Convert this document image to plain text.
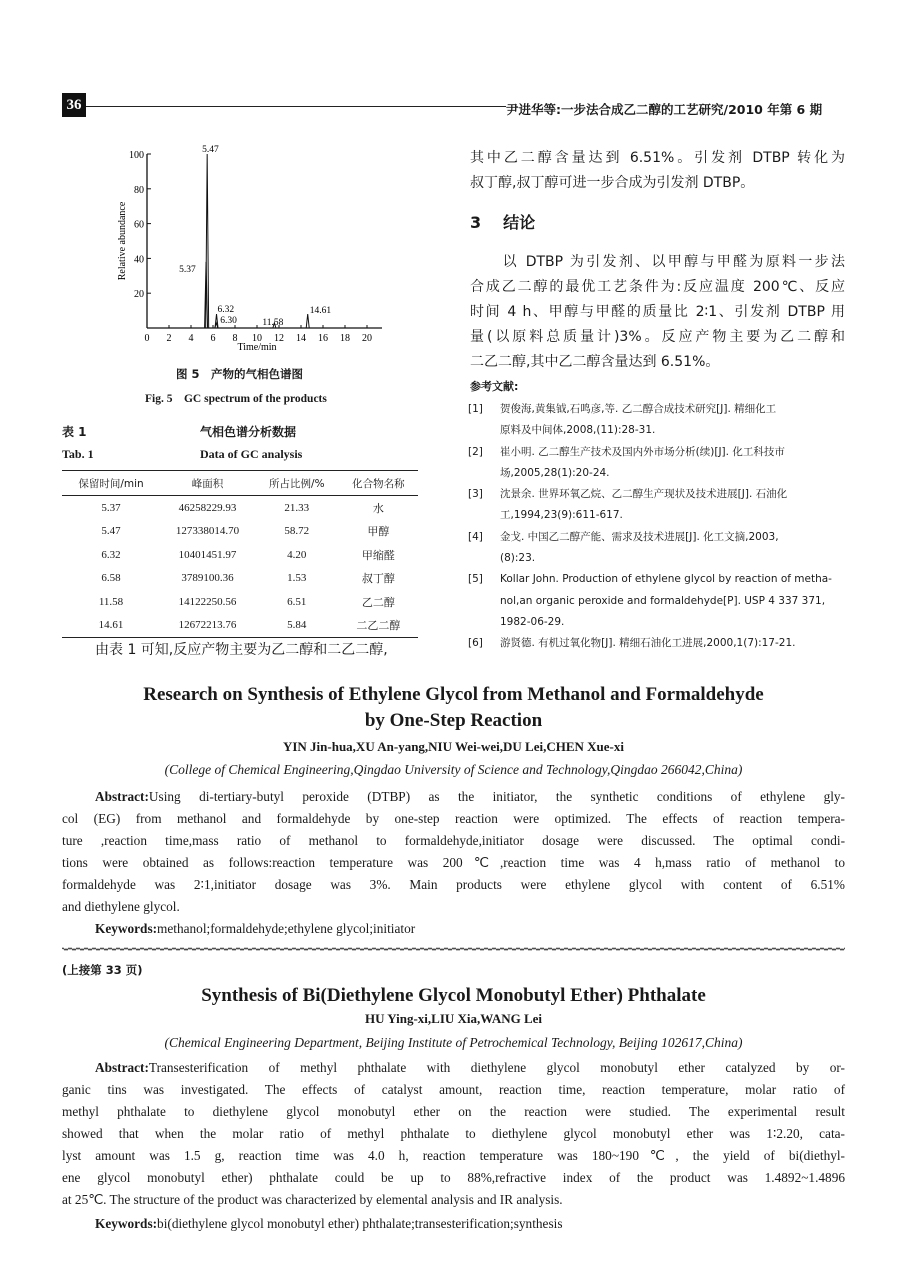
36	尹进华等:一步法合成乙二醇的工艺研究/2010 年第 6 期
0 2 4 6 8 10 12 14 16 18 20
20
40
60
80
100
Time/min
Relative abundance	5.37
5.47
6.32
6.30	11.58
14.61
图 5　产物的气相色谱图
Fig. 5　GC spectrum of the products
表 1	气相色谱分析数据
Tab. 1	Data of GC analysis
保留时间/min	峰面积	所占比例/%	化合物名称
5.37	46258229.93	21.33	水
5.47	127338014.70	58.72	甲醇
6.32	10401451.97	4.20	甲缩醛
6.58	3789100.36	1.53	叔丁醇
11.58	14122250.56	6.51	乙二醇
14.61	12672213.76	5.84	二乙二醇
由表 1 可知,反应产物主要为乙二醇和二乙二醇,
其中乙二醇含量达到 6.51%。引发剂 DTBP 转化为
叔丁醇,叔丁醇可进一步合成为引发剂 DTBP。
3 结论
　　以 DTBP 为引发剂、以甲醇与甲醛为原料一步法
合成乙二醇的最优工艺条件为:反应温度 200℃、反应
时间 4 h、甲醇与甲醛的质量比 2∶1、引发剂 DTBP 用
量(以原料总质量计)3%。反应产物主要为乙二醇和
二乙二醇,其中乙二醇含量达到 6.51%。
参考文献:
[1] 贺俊海,黄集钺,石鸣彦,等. 乙二醇合成技术研究[J]. 精细化工
原料及中间体,2008,(11):28-31.
[2] 崔小明. 乙二醇生产技术及国内外市场分析(续)[J]. 化工科技市
场,2005,28(1):20-24.
[3] 沈景余. 世界环氧乙烷、乙二醇生产现状及技术进展[J]. 石油化
工,1994,23(9):611-617.
[4] 金戈. 中国乙二醇产能、需求及技术进展[J]. 化工文摘,2003,
(8):23.
[5] Kollar John. Production of ethylene glycol by reaction of metha-
nol,an organic peroxide and formaldehyde[P]. USP 4 337 371,
1982-06-29.
[6] 游贤德. 有机过氧化物[J]. 精细石油化工进展,2000,1(7):17-21.
Research on Synthesis of Ethylene Glycol from Methanol and Formaldehyde
by One-Step Reaction
YIN Jin-hua,XU An-yang,NIU Wei-wei,DU Lei,CHEN Xue-xi
(College of Chemical Engineering,Qingdao University of Science and Technology,Qingdao 266042,China)
Abstract:Using di-tertiary-butyl peroxide (DTBP) as the initiator, the synthetic conditions of ethylene gly-
col (EG) from methanol and formaldehyde by one-step reaction were optimized. The effects of reaction tempera-
ture ,reaction time,mass ratio of methanol to formaldehyde,initiator dosage were discussed. The optimal condi-
tions were obtained as follows:reaction temperature was 200℃,reaction time was 4 h,mass ratio of methanol to
formaldehyde was 2∶1,initiator dosage was 3%. Main products were ethylene glycol with content of 6.51%
and diethylene glycol.
Keywords:methanol;formaldehyde;ethylene glycol;initiator
(上接第 33 页)
Synthesis of Bi(Diethylene Glycol Monobutyl Ether) Phthalate
HU Ying-xi,LIU Xia,WANG Lei
(Chemical Engineering Department, Beijing Institute of Petrochemical Technology, Beijing 102617,China)
Abstract:Transesterification of methyl phthalate with diethylene glycol monobutyl ether catalyzed by or-
ganic tins was investigated. The effects of catalyst amount, reaction time, reaction temperature, molar ratio of
methyl phthalate to diethylene glycol monobutyl ether on the reaction were studied. The experimental result
showed that when the molar ratio of methyl phthalate to diethylene glycol monobutyl ether was 1∶2.20, cata-
lyst amount was 1.5 g, reaction time was 4.0 h, reaction temperature was 180~190℃, the yield of bi(diethyl-
ene glycol monobutyl ether) phthalate could be up to 88%,refractive index of the product was 1.4892~1.4896
at 25℃. The structure of the product was characterized by elemental analysis and IR analysis.
Keywords:bi(diethylene glycol monobutyl ether) phthalate;transesterification;synthesis
